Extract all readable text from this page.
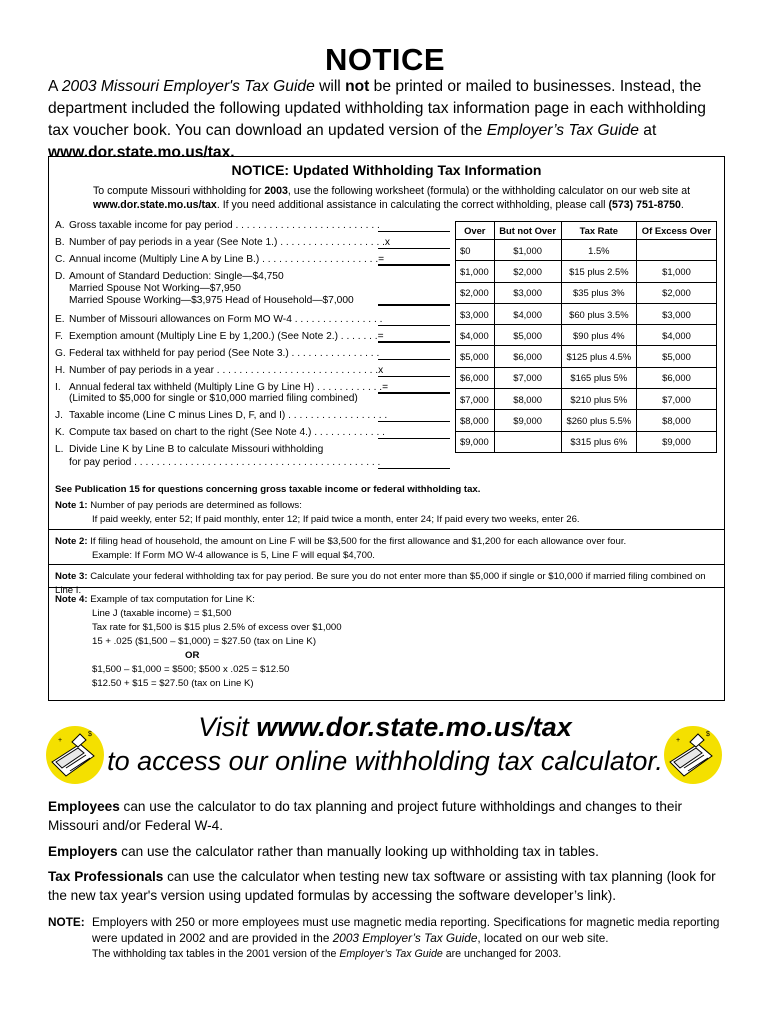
NOTICE
A 2003 Missouri Employer's Tax Guide will not be printed or mailed to businesses. Instead, the department included the following updated withholding tax information page in each withholding tax voucher book. You can download an updated version of the Employer’s Tax Guide at www.dor.state.mo.us/tax.
NOTICE: Updated Withholding Tax Information
To compute Missouri withholding for 2003, use the following worksheet (formula) or the withholding calculator on our web site at www.dor.state.mo.us/tax. If you need additional assistance in calculating the correct withholding, please call (573) 751-8750.
A. Gross taxable income for pay period . . . . . . . . . . . . . . . . . . . . . . . . . .
B. Number of pay periods in a year (See Note 1.) . . . . . . . . . . . . . . . . . . .x
C. Annual income (Multiply Line A by Line B.) . . . . . . . . . . . . . . . . . . . . .=
D. Amount of Standard Deduction: Single—$4,750
Married Spouse Not Working—$7,950
Married Spouse Working—$3,975 Head of Household—$7,000
E. Number of Missouri allowances on Form MO W-4 . . . . . . . . . . . . . . . .
F. Exemption amount (Multiply Line E by 1,200.) (See Note 2.) . . . . . . .=
G. Federal tax withheld for pay period (See Note 3.) . . . . . . . . . . . . . . . .
H. Number of pay periods in a year . . . . . . . . . . . . . . . . . . . . . . . . . . . . .x
I. Annual federal tax withheld (Multiply Line G by Line H) . . . . . . . . . . . .=
(Limited to $5,000 for single or $10,000 married filing combined)
J. Taxable income (Line C minus Lines D, F, and I) . . . . . . . . . . . . . . . . . .
K. Compute tax based on chart to the right (See Note 4.) . . . . . . . . . . . . .
L. Divide Line K by Line B to calculate Missouri withholding
for pay period . . . . . . . . . . . . . . . . . . . . . . . . . . . . . . . . . . . . . . . . . . . .
Over	But not Over	Tax Rate	Of Excess Over
$0	$1,000	1.5%	
$1,000	$2,000	$15 plus 2.5%	$1,000
$2,000	$3,000	$35 plus 3%	$2,000
$3,000	$4,000	$60 plus 3.5%	$3,000
$4,000	$5,000	$90 plus 4%	$4,000
$5,000	$6,000	$125 plus 4.5%	$5,000
$6,000	$7,000	$165 plus 5%	$6,000
$7,000	$8,000	$210 plus 5%	$7,000
$8,000	$9,000	$260 plus 5.5%	$8,000
$9,000		$315 plus 6%	$9,000
See Publication 15 for questions concerning gross taxable income or federal withholding tax.
Note 1: Number of pay periods are determined as follows:
If paid weekly, enter 52; If paid monthly, enter 12; If paid twice a month, enter 24; If paid every two weeks, enter 26.
Note 2: If filing head of household, the amount on Line F will be $3,500 for the first allowance and $1,200 for each allowance over four.
Example: If Form MO W-4 allowance is 5, Line F will equal $4,700.
Note 3: Calculate your federal withholding tax for pay period. Be sure you do not enter more than $5,000 if single or $10,000 if married filing combined on Line I.
Note 4: Example of tax computation for Line K:
Line J (taxable income) = $1,500
Tax rate for $1,500 is $15 plus 2.5% of excess over $1,000
15 + .025 ($1,500 – $1,000) = $27.50 (tax on Line K)
OR
$1,500 – $1,000 = $500; $500 x .025 = $12.50
$12.50 + $15 = $27.50 (tax on Line K)
+
$	Visit www.dor.state.mo.us/tax
to access our online withholding tax calculator.
+
$
Employees can use the calculator to do tax planning and project future withholdings and changes to their Missouri and/or Federal W-4.
Employers can use the calculator rather than manually looking up withholding tax in tables.
Tax Professionals can use the calculator when testing new tax software or assisting with tax planning (look for the new tax year's version using updated formulas by accessing the software developer’s link).
NOTE: Employers with 250 or more employees must use magnetic media reporting. Specifications for magnetic media reporting were updated in 2002 and are provided in the 2003 Employer’s Tax Guide, located on our web site.
The withholding tax tables in the 2001 version of the Employer’s Tax Guide are unchanged for 2003.
